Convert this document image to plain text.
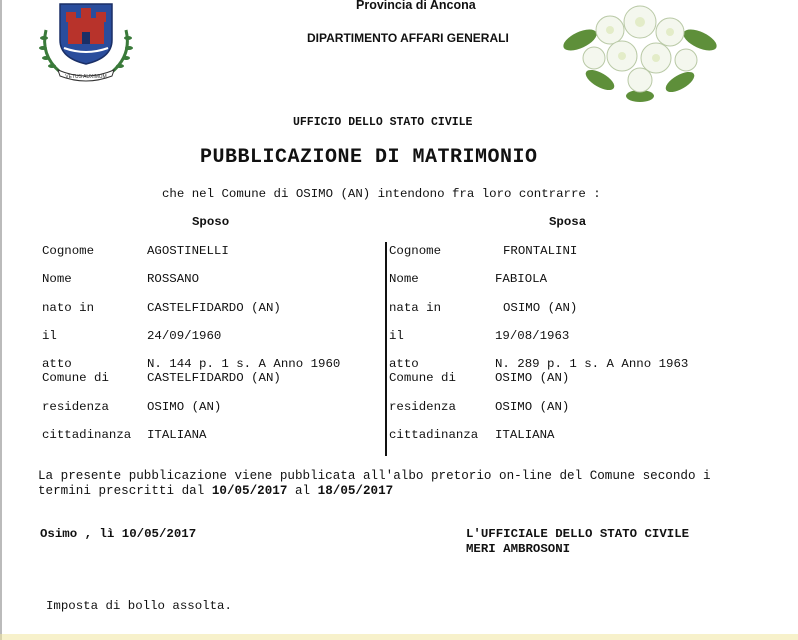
VETUS AUXIMUM
Provincia di Ancona
DIPARTIMENTO AFFARI GENERALI
UFFICIO DELLO STATO CIVILE
PUBBLICAZIONE DI MATRIMONIO
che nel Comune di OSIMO (AN) intendono fra loro contrarre :
Sposo	Sposa
Cognome	AGOSTINELLI
Nome	ROSSANO
nato in	CASTELFIDARDO (AN)
il	24/09/1960
atto	N. 144 p. 1 s. A Anno 1960
Comune di	CASTELFIDARDO (AN)
residenza	OSIMO (AN)
cittadinanza ITALIANA
Cognome	FRONTALINI
Nome	FABIOLA
nata in	OSIMO (AN)
il	19/08/1963
atto	N. 289 p. 1 s. A Anno 1963
Comune di	OSIMO (AN)
residenza	OSIMO (AN)
cittadinanza ITALIANA
La presente pubblicazione viene pubblicata all'albo pretorio on-line del Comune secondo i
termini prescritti dal 10/05/2017 al 18/05/2017
Osimo , lì 10/05/2017	L'UFFICIALE DELLO STATO CIVILE
MERI AMBROSONI
Imposta di bollo assolta.
